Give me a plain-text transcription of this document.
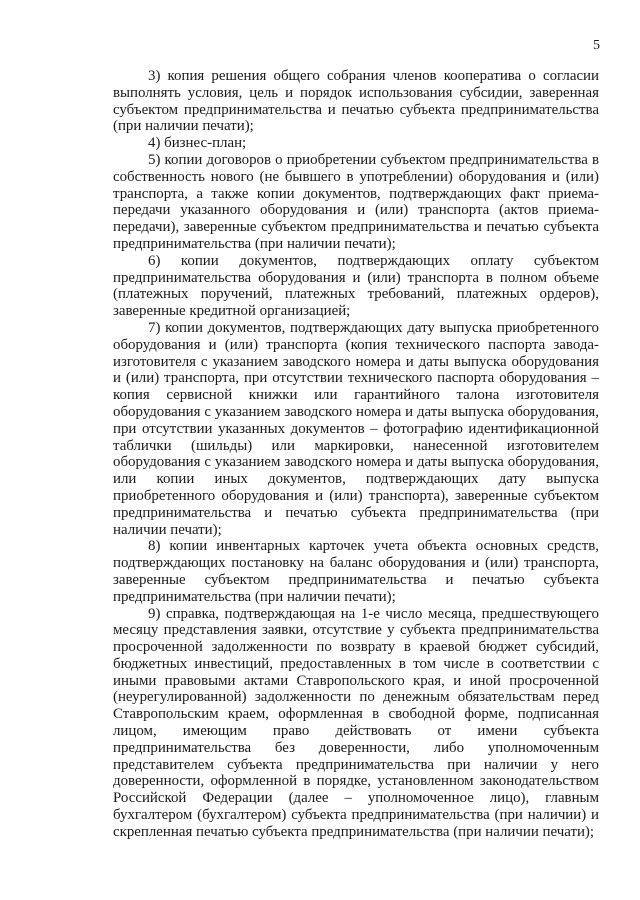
5

3) копия решения общего собрания членов кооператива о согласии выполнять условия, цель и порядок использования субсидии, заверенная субъектом предпринимательства и печатью субъекта предпринимательства (при наличии печати);

4) бизнес-план;

5) копии договоров о приобретении субъектом предпринимательства в собственность нового (не бывшего в употреблении) оборудования и (или) транспорта, а также копии документов, подтверждающих факт приема-передачи указанного оборудования и (или) транспорта (актов приема-передачи), заверенные субъектом предпринимательства и печатью субъекта предпринимательства (при наличии печати);

6) копии документов, подтверждающих оплату субъектом предпринимательства оборудования и (или) транспорта в полном объеме (платежных поручений, платежных требований, платежных ордеров), заверенные кредитной организацией;

7) копии документов, подтверждающих дату выпуска приобретенного оборудования и (или) транспорта (копия технического паспорта завода-изготовителя с указанием заводского номера и даты выпуска оборудования и (или) транспорта, при отсутствии технического паспорта оборудования – копия сервисной книжки или гарантийного талона изготовителя оборудования с указанием заводского номера и даты выпуска оборудования, при отсутствии указанных документов – фотографию идентификационной таблички (шильды) или маркировки, нанесенной изготовителем оборудования с указанием заводского номера и даты выпуска оборудования, или копии иных документов, подтверждающих дату выпуска приобретенного оборудования и (или) транспорта), заверенные субъектом предпринимательства и печатью субъекта предпринимательства (при наличии печати);

8) копии инвентарных карточек учета объекта основных средств, подтверждающих постановку на баланс оборудования и (или) транспорта, заверенные субъектом предпринимательства и печатью субъекта предпринимательства (при наличии печати);

9) справка, подтверждающая на 1-е число месяца, предшествующего месяцу представления заявки, отсутствие у субъекта предпринимательства просроченной задолженности по возврату в краевой бюджет субсидий, бюджетных инвестиций, предоставленных в том числе в соответствии с иными правовыми актами Ставропольского края, и иной просроченной (неурегулированной) задолженности по денежным обязательствам перед Ставропольским краем, оформленная в свободной форме, подписанная лицом, имеющим право действовать от имени субъекта предпринимательства без доверенности, либо уполномоченным представителем субъекта предпринимательства при наличии у него доверенности, оформленной в порядке, установленном законодательством Российской Федерации (далее – уполномоченное лицо), главным бухгалтером (бухгалтером) субъекта предпринимательства (при наличии) и скрепленная печатью субъекта предпринимательства (при наличии печати);
